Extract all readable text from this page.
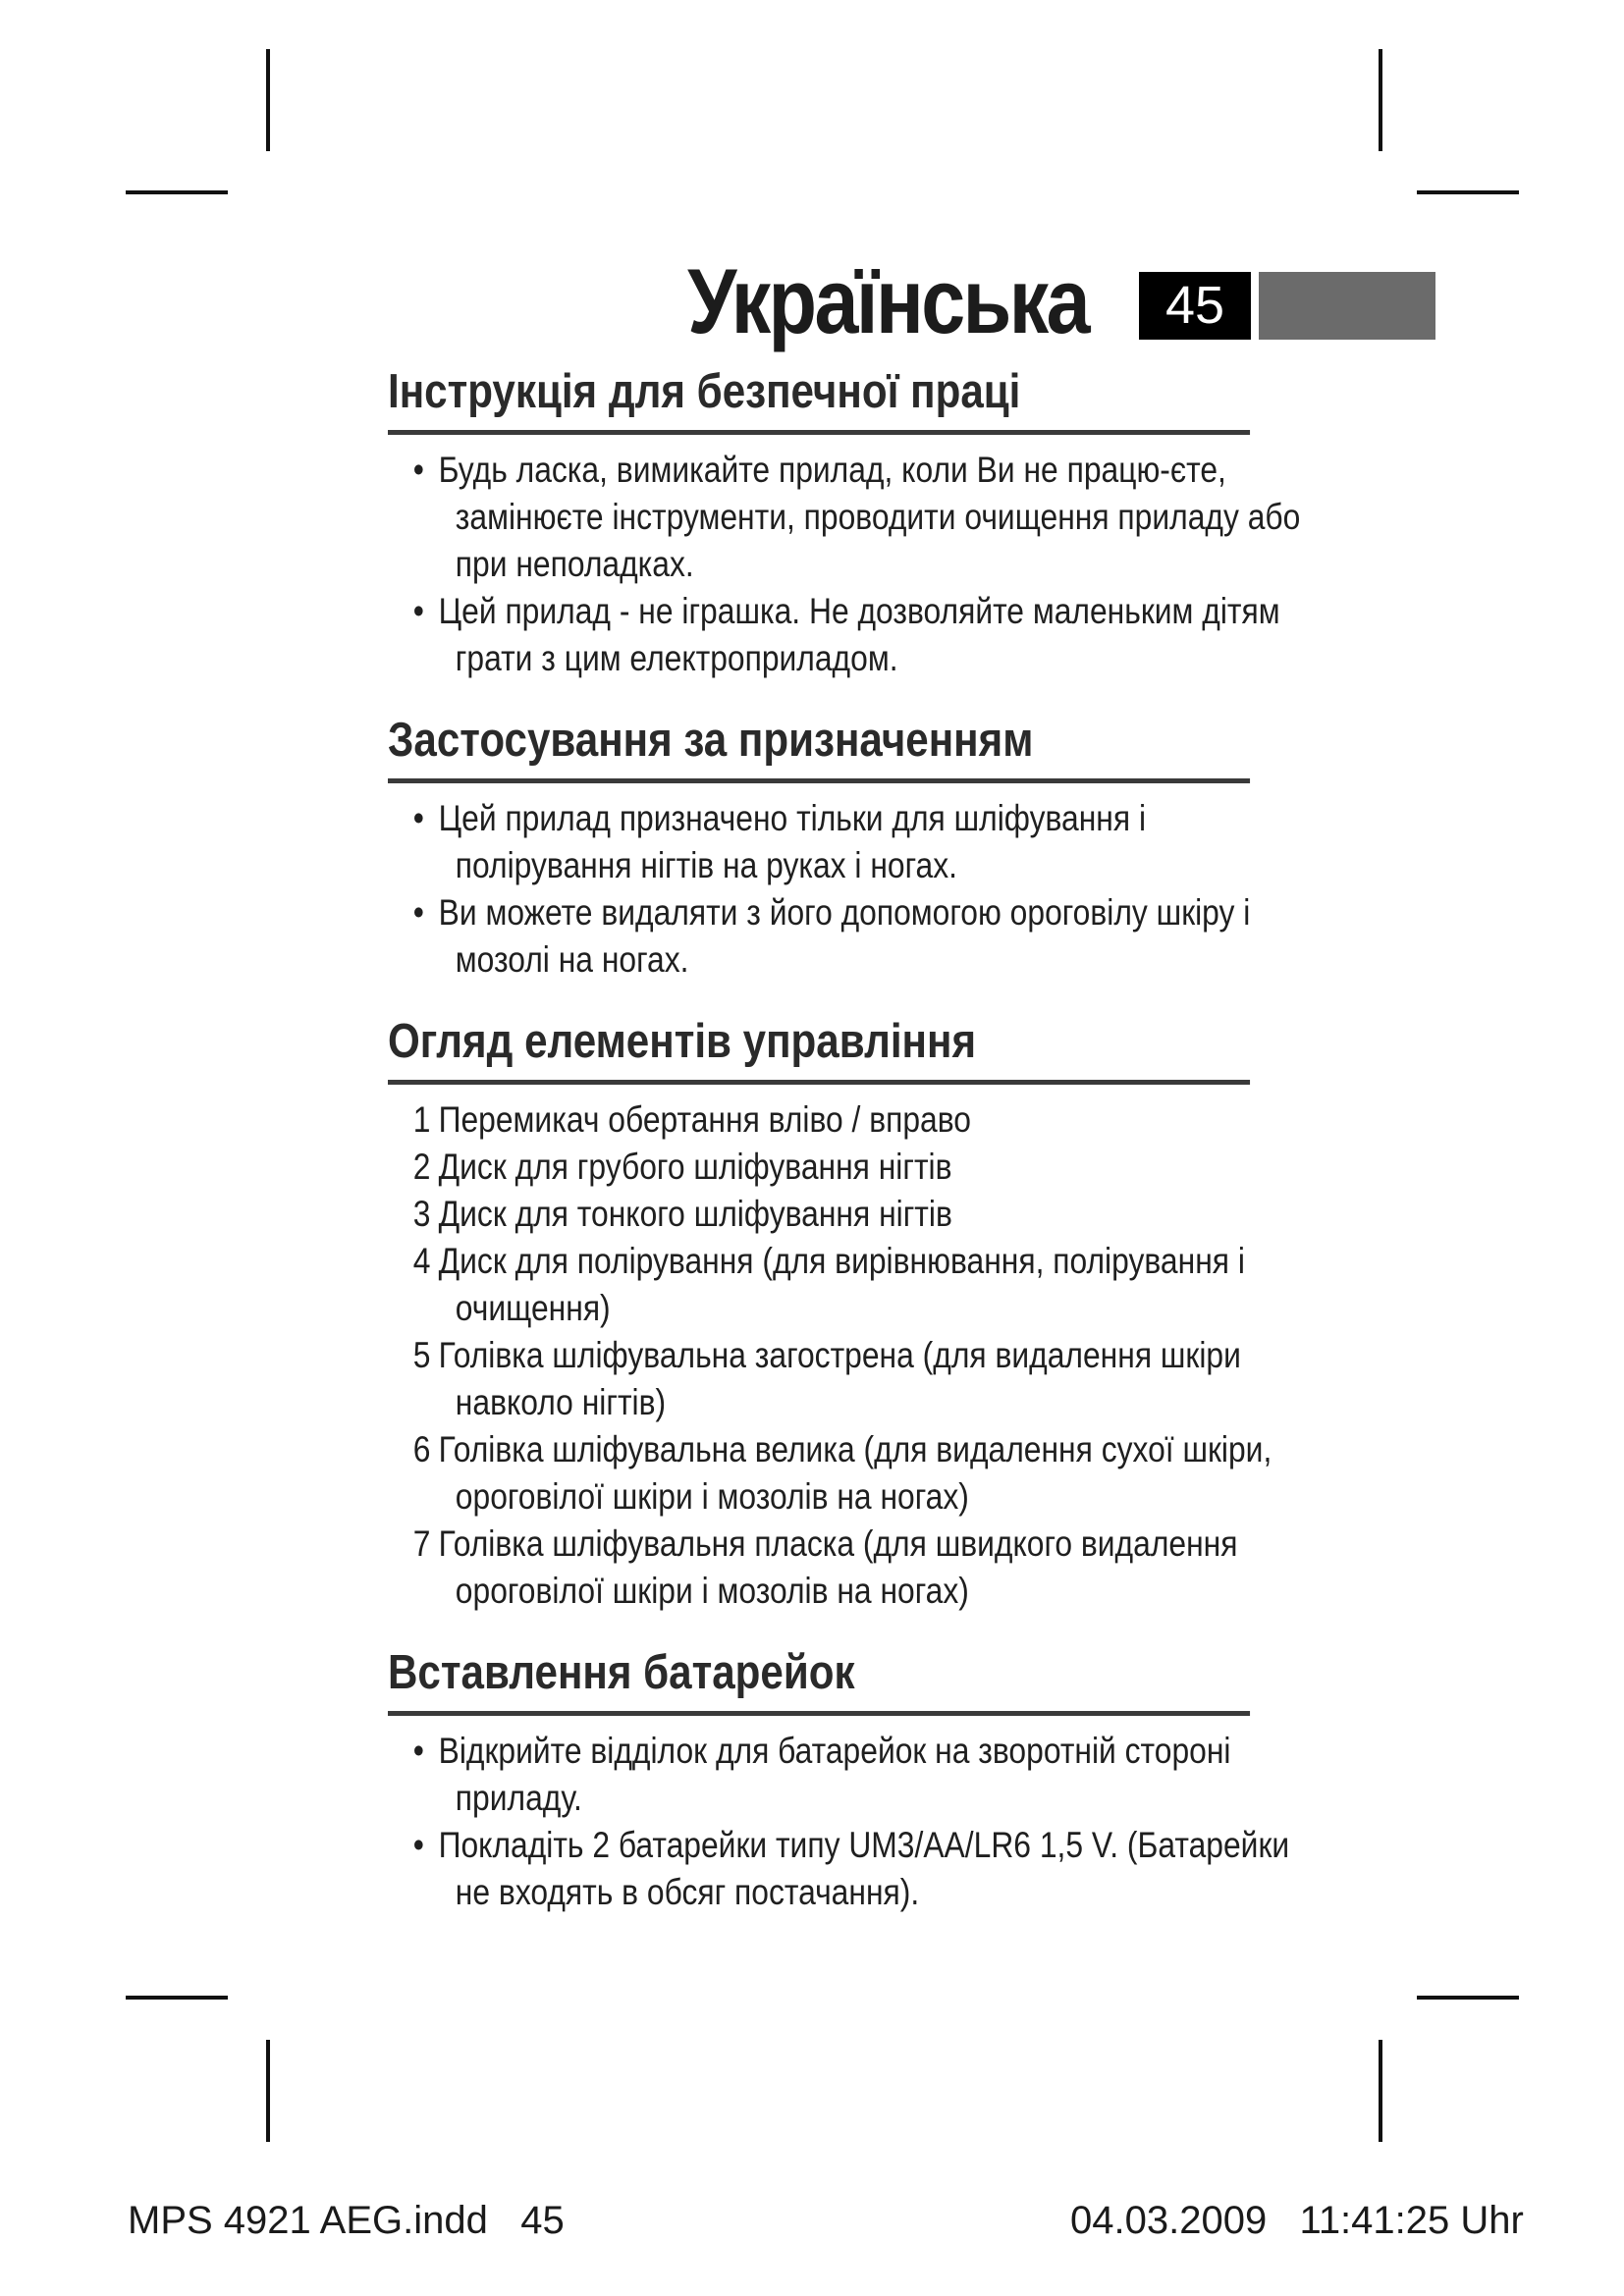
Українська	45
Інструкція для безпечної праці
• Будь ласка, вимикайте прилад, коли Ви не працю-єте, замінюєте інструменти, проводити очищення приладу або при неполадках.
• Цей прилад - не іграшка. Не дозволяйте маленьким дітям грати з цим електроприладом.
Застосування за призначенням
• Цей прилад призначено тільки для шліфування і полірування нігтів на руках і ногах.
• Ви можете видаляти з його допомогою ороговілу шкіру і мозолі на ногах.
Огляд елементів управління
1 Перемикач обертання вліво / вправо
2 Диск для грубого шліфування нігтів
3 Диск для тонкого шліфування нігтів
4 Диск для полірування (для вирівнювання, полірування і очищення)
5 Голівка шліфувальна загострена (для видалення шкіри навколо нігтів)
6 Голівка шліфувальна велика (для видалення сухої шкіри, ороговілої шкіри і мозолів на ногах)
7 Голівка шліфувальня пласка (для швидкого видалення ороговілої шкіри і мозолів на ногах)
Вставлення батарейок
• Відкрийте відділок для батарейок на зворотній стороні приладу.
• Покладіть 2 батарейки типу UM3/AA/LR6 1,5 V. (Батарейки не входять в обсяг постачання).
MPS 4921 AEG.indd   45	04.03.2009   11:41:25 Uhr
